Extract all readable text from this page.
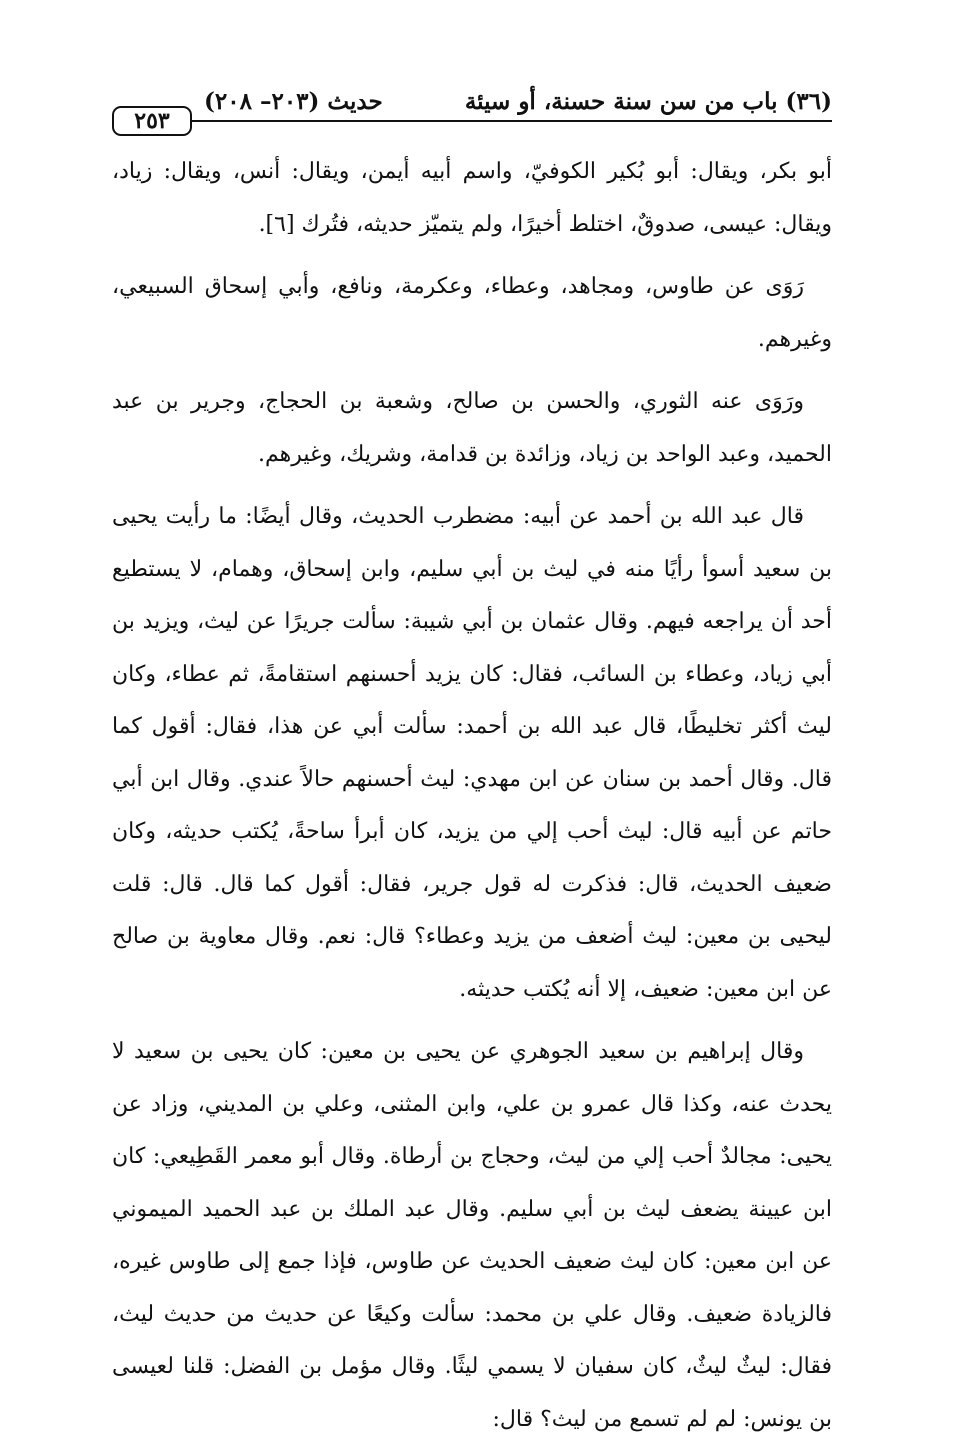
(٣٦) باب من سن سنة حسنة، أو سيئة
حديث (٢٠٣– ٢٠٨)
٢٥٣

أبو بكر، ويقال: أبو بُكير الكوفيّ، واسم أبيه أيمن، ويقال: أنس، ويقال: زياد، ويقال: عيسى، صدوقٌ، اختلط أخيرًا، ولم يتميّز حديثه، فتُرك [٦].

رَوَى عن طاوس، ومجاهد، وعطاء، وعكرمة، ونافع، وأبي إسحاق السبيعي، وغيرهم.

ورَوَى عنه الثوري، والحسن بن صالح، وشعبة بن الحجاج، وجرير بن عبد الحميد، وعبد الواحد بن زياد، وزائدة بن قدامة، وشريك، وغيرهم.

قال عبد الله بن أحمد عن أبيه: مضطرب الحديث، وقال أيضًا: ما رأيت يحيى بن سعيد أسوأ رأيًا منه في ليث بن أبي سليم، وابن إسحاق، وهمام، لا يستطيع أحد أن يراجعه فيهم. وقال عثمان بن أبي شيبة: سألت جريرًا عن ليث، ويزيد بن أبي زياد، وعطاء بن السائب، فقال: كان يزيد أحسنهم استقامةً، ثم عطاء، وكان ليث أكثر تخليطًا، قال عبد الله بن أحمد: سألت أبي عن هذا، فقال: أقول كما قال. وقال أحمد بن سنان عن ابن مهدي: ليث أحسنهم حالاً عندي. وقال ابن أبي حاتم عن أبيه قال: ليث أحب إلي من يزيد، كان أبرأ ساحةً، يُكتب حديثه، وكان ضعيف الحديث، قال: فذكرت له قول جرير، فقال: أقول كما قال. قال: قلت ليحيى بن معين: ليث أضعف من يزيد وعطاء؟ قال: نعم. وقال معاوية بن صالح عن ابن معين: ضعيف، إلا أنه يُكتب حديثه.

وقال إبراهيم بن سعيد الجوهري عن يحيى بن معين: كان يحيى بن سعيد لا يحدث عنه، وكذا قال عمرو بن علي، وابن المثنى، وعلي بن المديني، وزاد عن يحيى: مجالدٌ أحب إلي من ليث، وحجاج بن أرطاة. وقال أبو معمر القَطِيعي: كان ابن عيينة يضعف ليث بن أبي سليم. وقال عبد الملك بن عبد الحميد الميموني عن ابن معين: كان ليث ضعيف الحديث عن طاوس، فإذا جمع إلى طاوس غيره، فالزيادة ضعيف. وقال علي بن محمد: سألت وكيعًا عن حديث من حديث ليث، فقال: ليثٌ ليثٌ، كان سفيان لا يسمي ليثًا. وقال مؤمل بن الفضل: قلنا لعيسى بن يونس: لم لم تسمع من ليث؟ قال:
